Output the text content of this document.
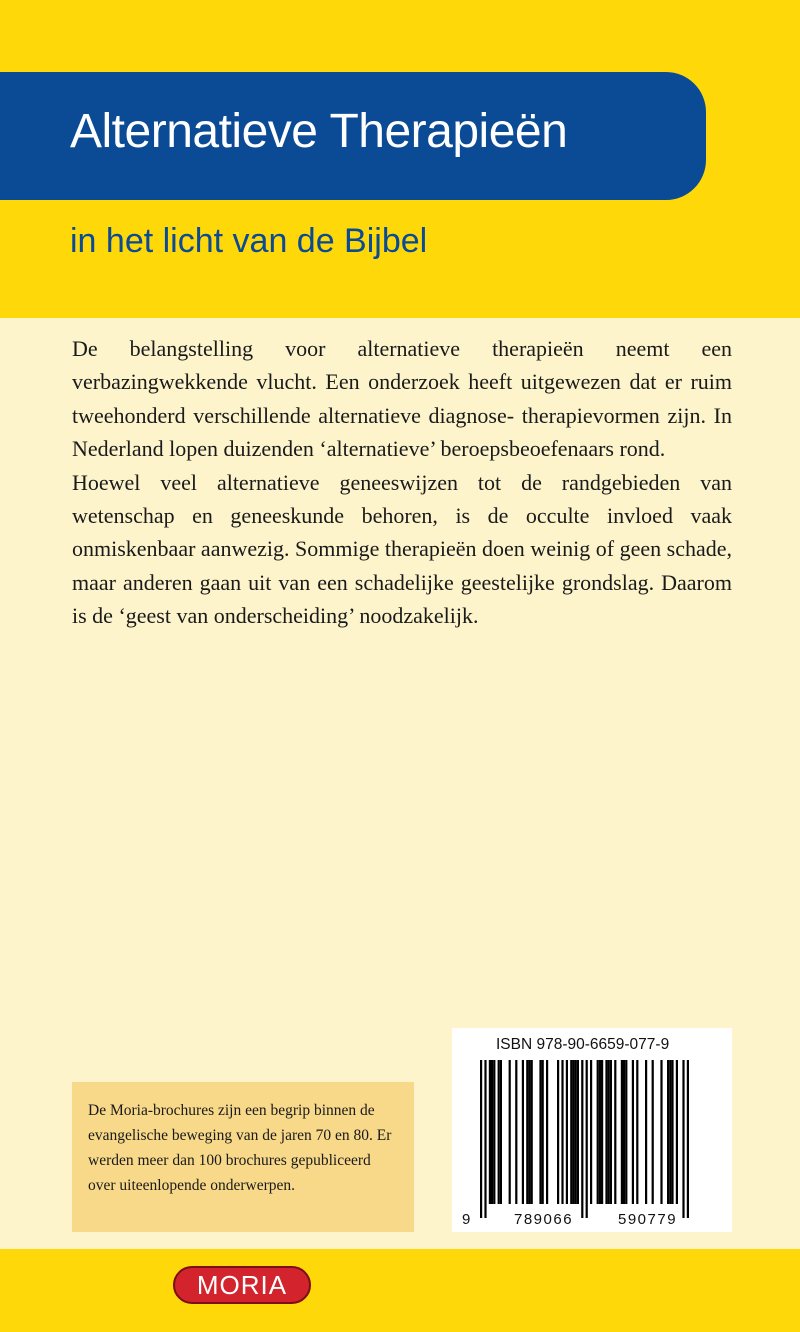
Alternatieve Therapieën
in het licht van de Bijbel

De belangstelling voor alternatieve therapieën neemt een verbazingwekkende vlucht. Een onderzoek heeft uitgewezen dat er ruim tweehonderd verschillende alternatieve diagnose- therapievormen zijn. In Nederland lopen duizenden ‘alternatieve’ beroepsbeoefenaars rond.

Hoewel veel alternatieve geneeswijzen tot de randgebieden van wetenschap en geneeskunde behoren, is de occulte invloed vaak onmiskenbaar aanwezig. Sommige therapieën doen weinig of geen schade, maar anderen gaan uit van een schadelijke geestelijke grondslag. Daarom is de ‘geest van onderscheiding’ noodzakelijk.

De Moria-brochures zijn een begrip binnen de evangelische beweging van de jaren 70 en 80. Er werden meer dan 100 brochures gepubliceerd over uiteenlopende onderwerpen.
ISBN 978-90-6659-077-9
9	789066	590779
MORIA
